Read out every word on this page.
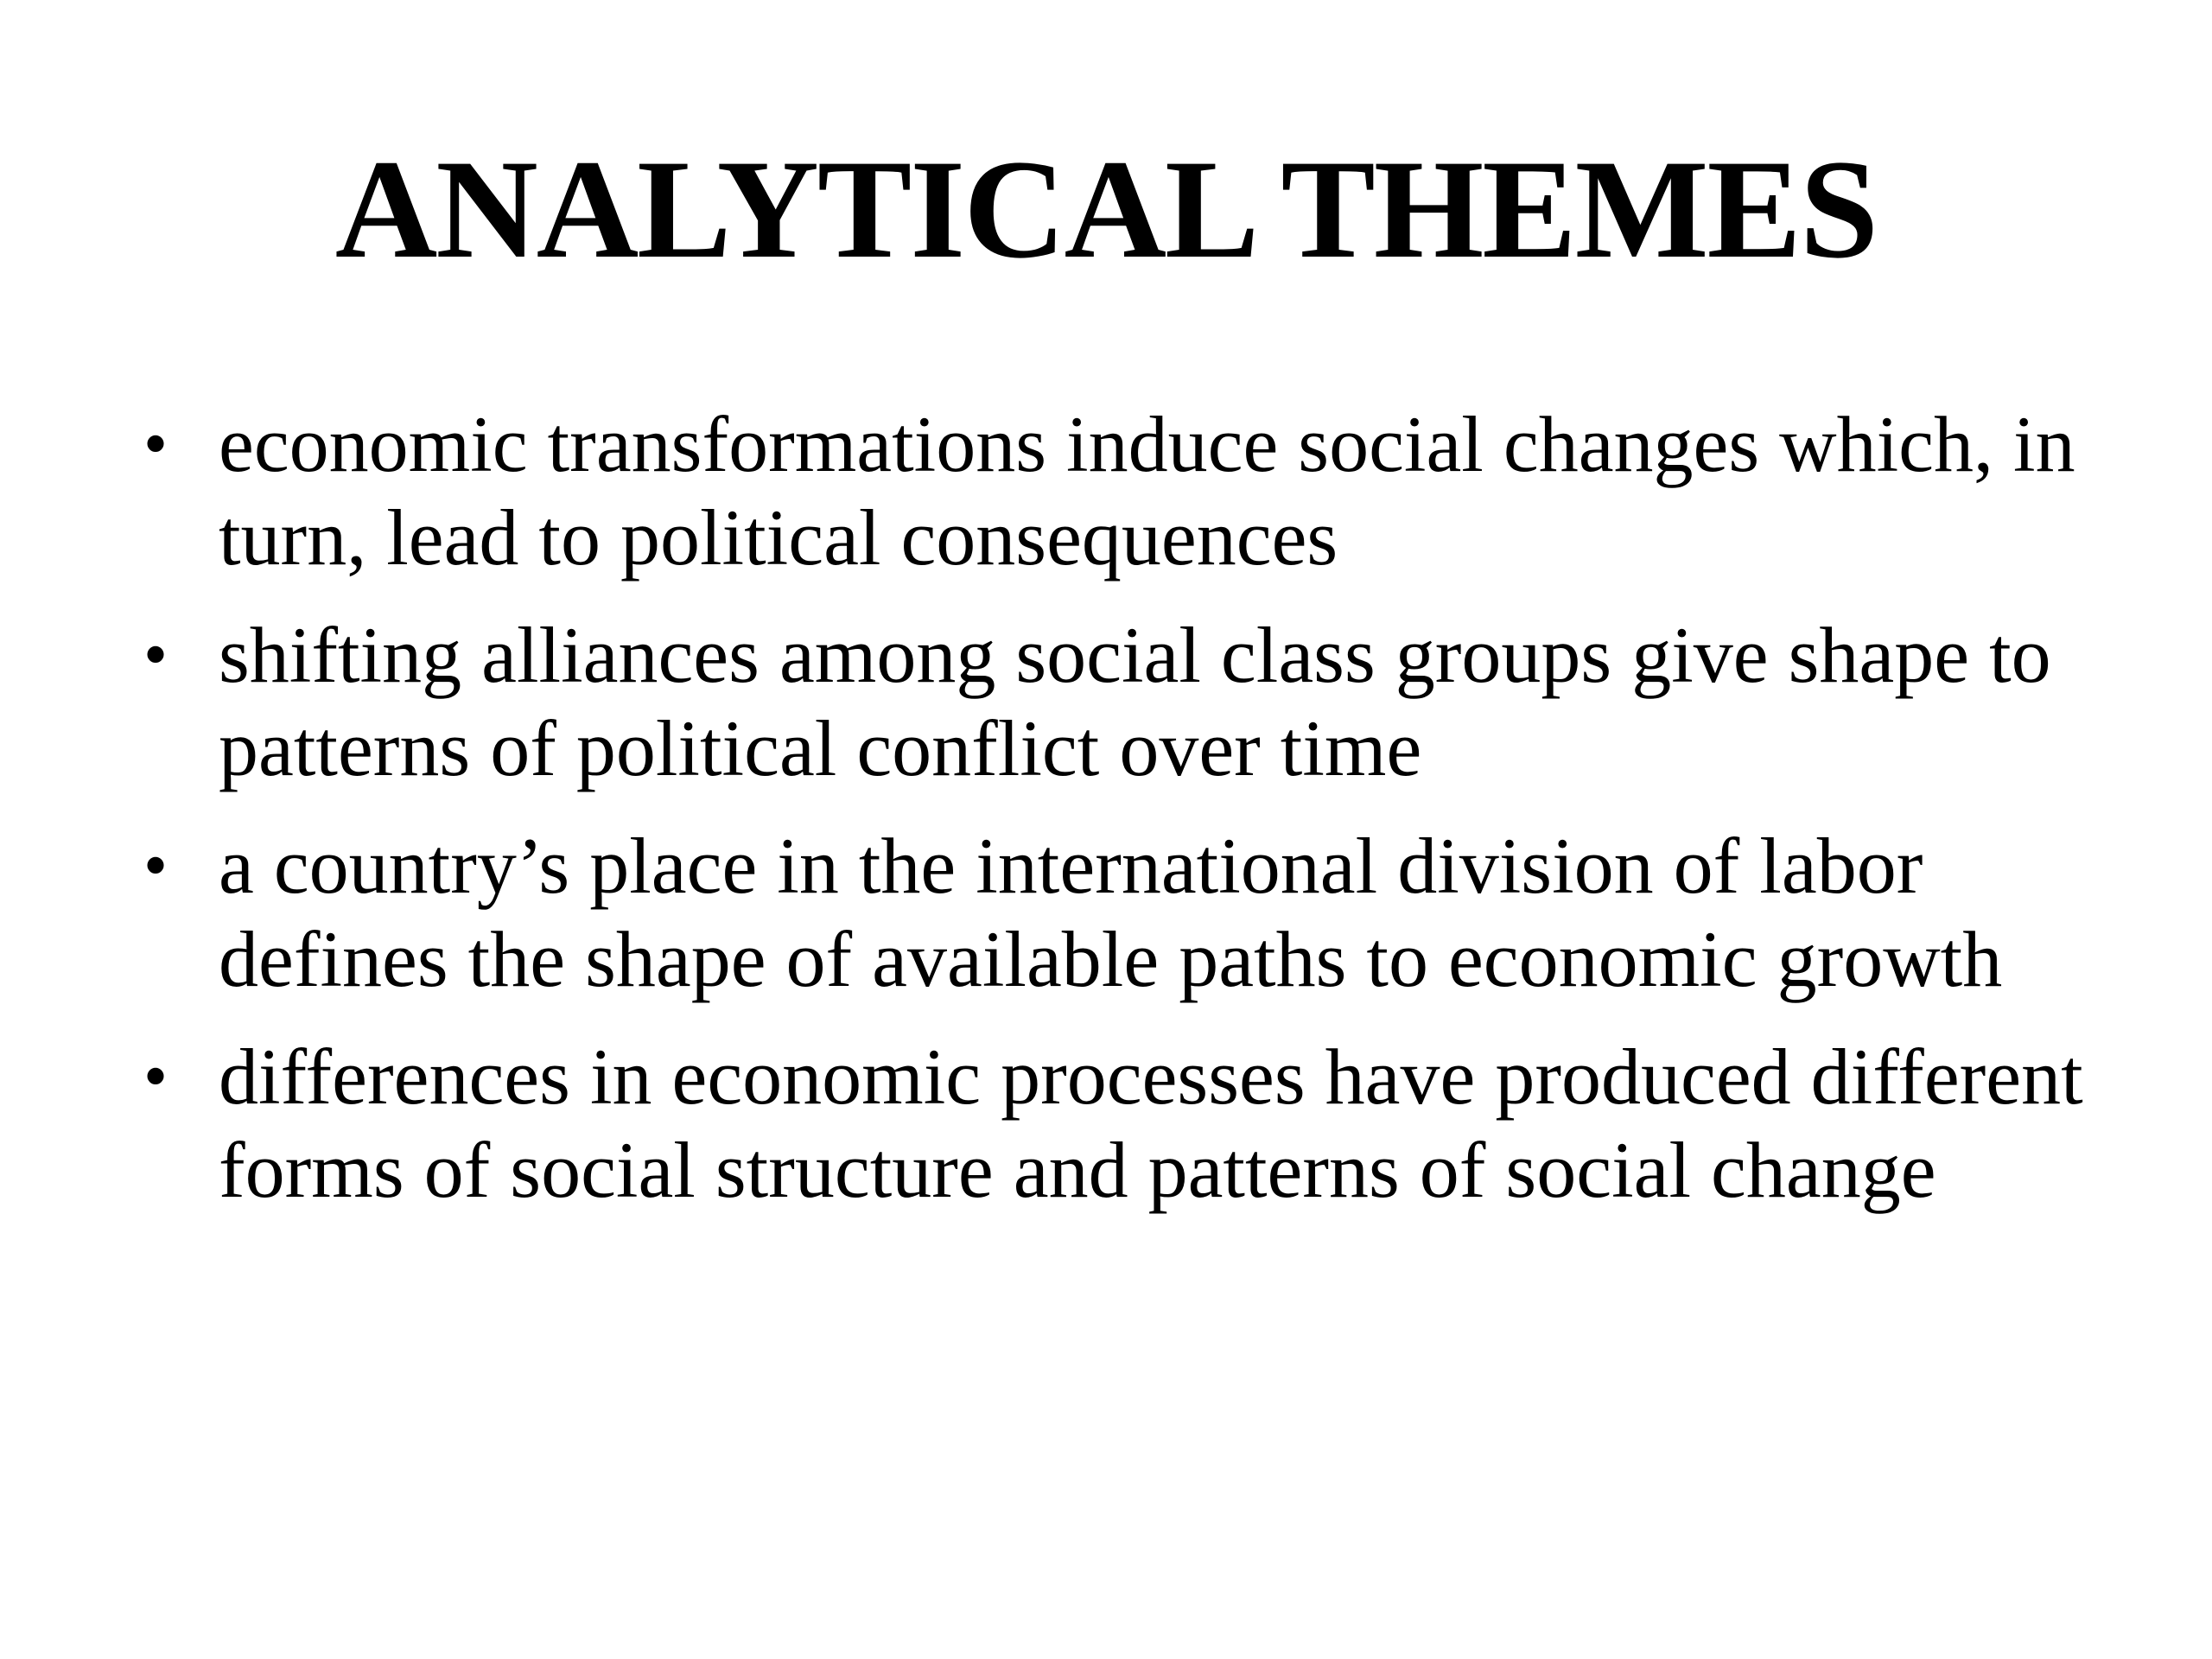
ANALYTICAL THEMES
• economic transformations induce social changes which, in turn, lead to political consequences
• shifting alliances among social class groups give shape to patterns of political conflict over time
• a country’s place in the international division of labor defines the shape of available paths to economic growth
• differences in economic processes have produced different forms of social structure and patterns of social change
